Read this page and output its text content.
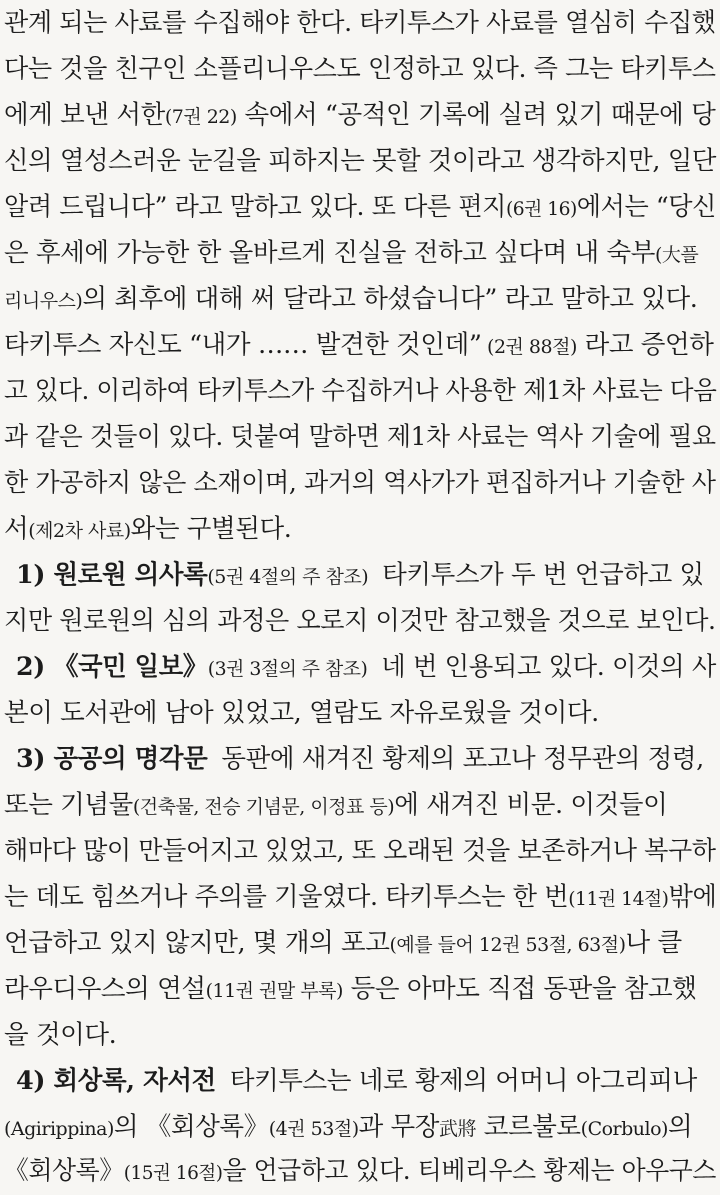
관계 되는 사료를 수집해야 한다. 타키투스가 사료를 열심히 수집했
다는 것을 친구인 소플리니우스도 인정하고 있다. 즉 그는 타키투스
에게 보낸 서한(7권 22) 속에서 “공적인 기록에 실려 있기 때문에 당
신의 열성스러운 눈길을 피하지는 못할 것이라고 생각하지만, 일단
알려 드립니다” 라고 말하고 있다. 또 다른 편지(6권 16)에서는 “당신
은 후세에 가능한 한 올바르게 진실을 전하고 싶다며 내 숙부(大플
리니우스)의 최후에 대해 써 달라고 하셨습니다” 라고 말하고 있다.
타키투스 자신도 “내가 …… 발견한 것인데” (2권 88절) 라고 증언하
고 있다. 이리하여 타키투스가 수집하거나 사용한 제1차 사료는 다음
과 같은 것들이 있다. 덧붙여 말하면 제1차 사료는 역사 기술에 필요
한 가공하지 않은 소재이며, 과거의 역사가가 편집하거나 기술한 사
서(제2차 사료)와는 구별된다.
1) 원로원 의사록(5권 4절의 주 참조) 타키투스가 두 번 언급하고 있
지만 원로원의 심의 과정은 오로지 이것만 참고했을 것으로 보인다.
2) 《국민 일보》(3권 3절의 주 참조) 네 번 인용되고 있다. 이것의 사
본이 도서관에 남아 있었고, 열람도 자유로웠을 것이다.
3) 공공의 명각문 동판에 새겨진 황제의 포고나 정무관의 정령,
또는 기념물(건축물, 전승 기념문, 이정표 등)에 새겨진 비문. 이것들이
해마다 많이 만들어지고 있었고, 또 오래된 것을 보존하거나 복구하
는 데도 힘쓰거나 주의를 기울였다. 타키투스는 한 번(11권 14절)밖에
언급하고 있지 않지만, 몇 개의 포고(예를 들어 12권 53절, 63절)나 클
라우디우스의 연설(11권 권말 부록) 등은 아마도 직접 동판을 참고했
을 것이다.
4) 회상록, 자서전 타키투스는 네로 황제의 어머니 아그리피나
(Agirippina)의 《회상록》(4권 53절)과 무장武將 코르불로(Corbulo)의
《회상록》(15권 16절)을 언급하고 있다. 티베리우스 황제는 아우구스
